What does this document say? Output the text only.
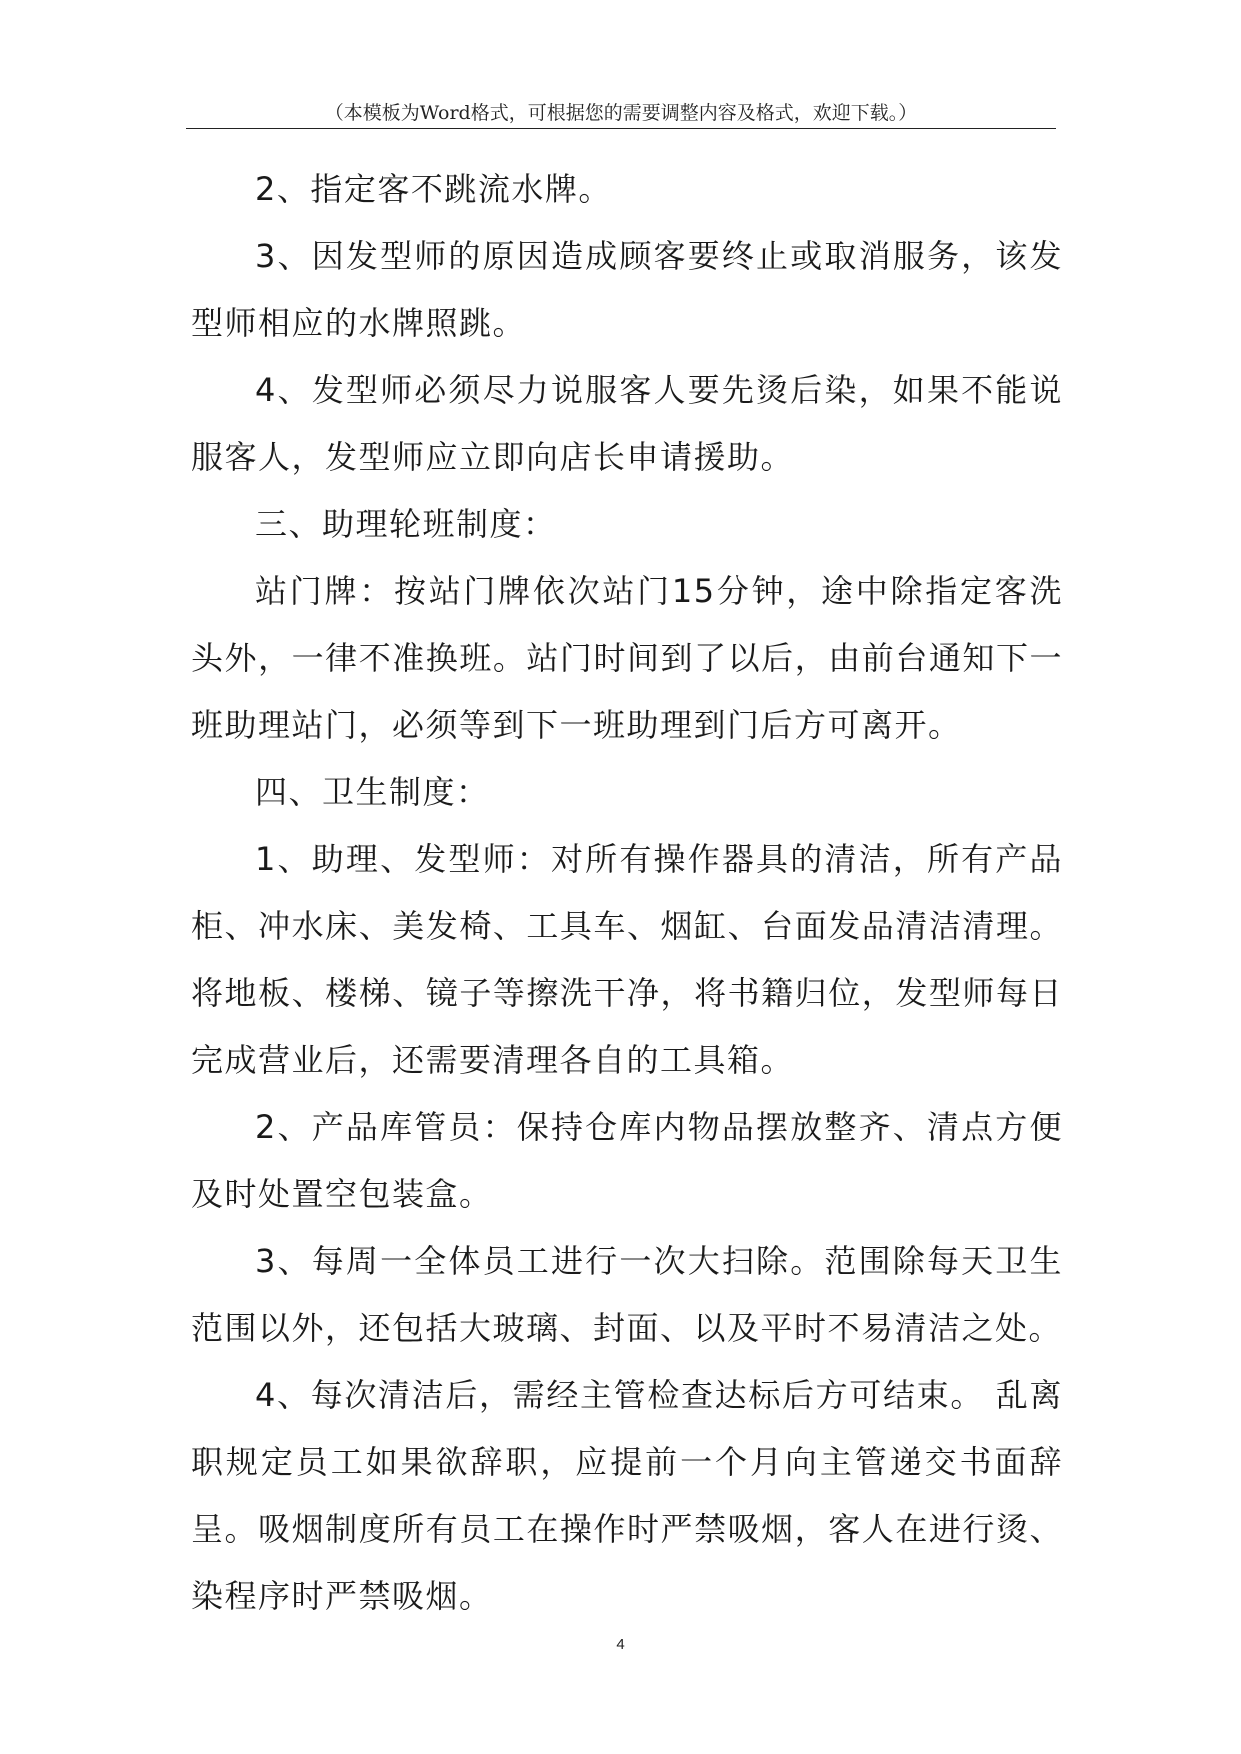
（本模板为Word格式，可根据您的需要调整内容及格式，欢迎下载。）

2、指定客不跳流水牌。

3、因发型师的原因造成顾客要终止或取消服务，该发型师相应的水牌照跳。

4、发型师必须尽力说服客人要先烫后染，如果不能说服客人，发型师应立即向店长申请援助。

三、助理轮班制度：

站门牌：按站门牌依次站门15分钟，途中除指定客洗头外，一律不准换班。站门时间到了以后，由前台通知下一班助理站门，必须等到下一班助理到门后方可离开。

四、卫生制度：

1、助理、发型师：对所有操作器具的清洁，所有产品柜、冲水床、美发椅、工具车、烟缸、台面发品清洁清理。将地板、楼梯、镜子等擦洗干净，将书籍归位，发型师每日完成营业后，还需要清理各自的工具箱。

2、产品库管员：保持仓库内物品摆放整齐、清点方便及时处置空包装盒。

3、每周一全体员工进行一次大扫除。范围除每天卫生范围以外，还包括大玻璃、封面、以及平时不易清洁之处。

4、每次清洁后，需经主管检查达标后方可结束。 乱离职规定员工如果欲辞职，应提前一个月向主管递交书面辞呈。吸烟制度所有员工在操作时严禁吸烟，客人在进行烫、染程序时严禁吸烟。

4
